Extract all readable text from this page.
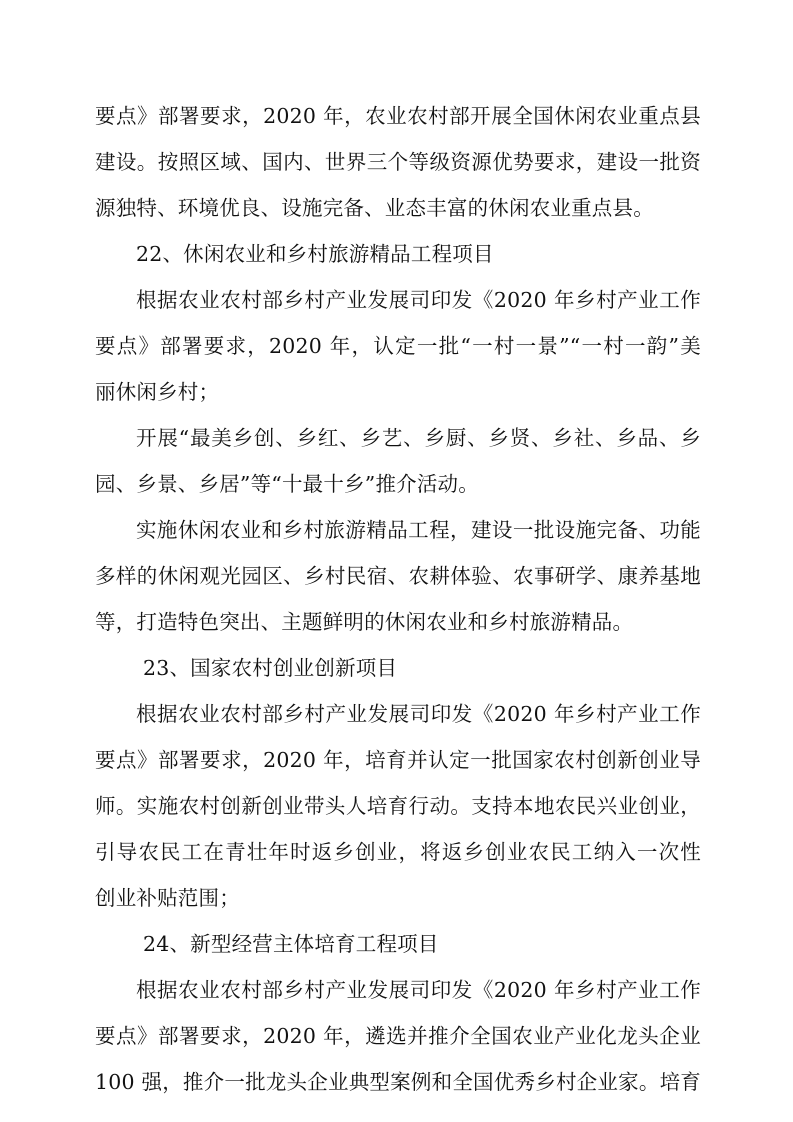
要点》部署要求，2020 年，农业农村部开展全国休闲农业重点县
建设。按照区域、国内、世界三个等级资源优势要求，建设一批资
源独特、环境优良、设施完备、业态丰富的休闲农业重点县。
22、休闲农业和乡村旅游精品工程项目
根据农业农村部乡村产业发展司印发《2020 年乡村产业工作
要点》部署要求，2020 年，认定一批“一村一景”“一村一韵”美
丽休闲乡村；
开展“最美乡创、乡红、乡艺、乡厨、乡贤、乡社、乡品、乡
园、乡景、乡居”等“十最十乡”推介活动。
实施休闲农业和乡村旅游精品工程，建设一批设施完备、功能
多样的休闲观光园区、乡村民宿、农耕体验、农事研学、康养基地
等，打造特色突出、主题鲜明的休闲农业和乡村旅游精品。
23、国家农村创业创新项目
根据农业农村部乡村产业发展司印发《2020 年乡村产业工作
要点》部署要求，2020 年，培育并认定一批国家农村创新创业导
师。实施农村创新创业带头人培育行动。支持本地农民兴业创业，
引导农民工在青壮年时返乡创业，将返乡创业农民工纳入一次性
创业补贴范围；
24、新型经营主体培育工程项目
根据农业农村部乡村产业发展司印发《2020 年乡村产业工作
要点》部署要求，2020 年，遴选并推介全国农业产业化龙头企业
100 强，推介一批龙头企业典型案例和全国优秀乡村企业家。培育
